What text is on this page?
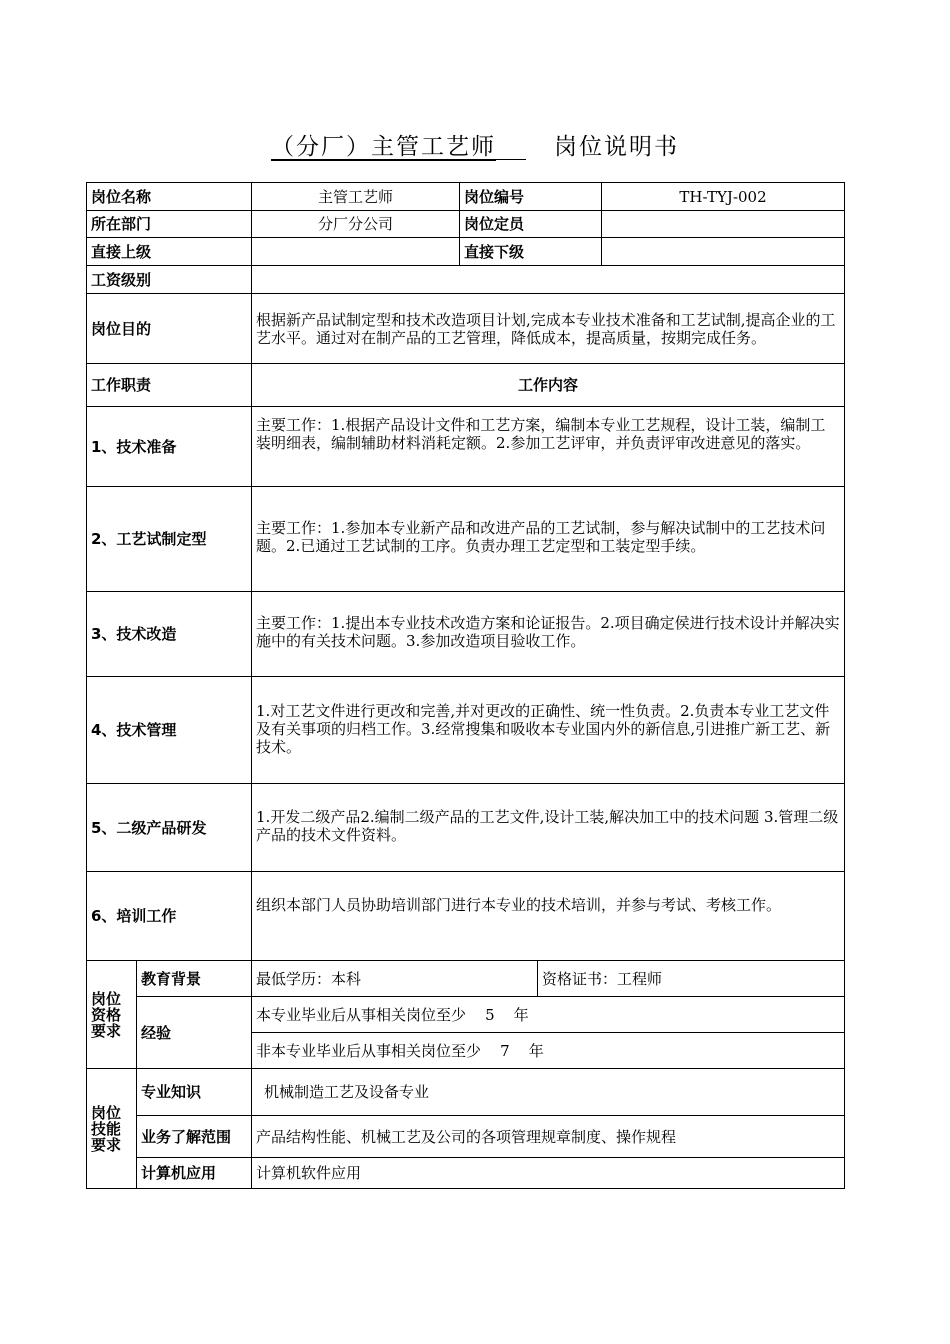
（分厂）主管工艺师	岗位说明书
岗位名称		主管工艺师	岗位编号		TH-TYJ-002
所在部门		分厂分公司	岗位定员		
直接上级			直接下级		
工资级别					
岗位目的		根据新产品试制定型和技术改造项目计划,完成本专业技术准备和工艺试制,提高企业的工艺水平。通过对在制产品的工艺管理，降低成本，提高质量，按期完成任务。			
工作职责		工作内容			
1、技术准备		主要工作：1.根据产品设计文件和工艺方案，编制本专业工艺规程，设计工装，编制工装明细表，编制辅助材料消耗定额。2.参加工艺评审，并负责评审改进意见的落实。			
2、工艺试制定型		主要工作：1.参加本专业新产品和改进产品的工艺试制，参与解决试制中的工艺技术问题。2.已通过工艺试制的工序。负责办理工艺定型和工装定型手续。			
3、技术改造		主要工作：1.提出本专业技术改造方案和论证报告。2.项目确定侯进行技术设计并解决实施中的有关技术问题。3.参加改造项目验收工作。			
4、技术管理		1.对工艺文件进行更改和完善,并对更改的正确性、统一性负责。2.负责本专业工艺文件及有关事项的归档工作。3.经常搜集和吸收本专业国内外的新信息,引进推广新工艺、新技术。			
5、二级产品研发		1.开发二级产品2.编制二级产品的工艺文件,设计工装,解决加工中的技术问题 3.管理二级产品的技术文件资料。			
6、培训工作		组织本部门人员协助培训部门进行本专业的技术培训，并参与考试、考核工作。			

岗位资格要求	教育背景	最低学历：本科		资格证书：工程师	
	经验	本专业毕业后从事相关岗位至少    5    年			
		非本专业毕业后从事相关岗位至少    7    年			

岗位技能要求	专业知识	机械制造工艺及设备专业			
	业务了解范围	产品结构性能、机械工艺及公司的各项管理规章制度、操作规程			
	计算机应用	计算机软件应用			
